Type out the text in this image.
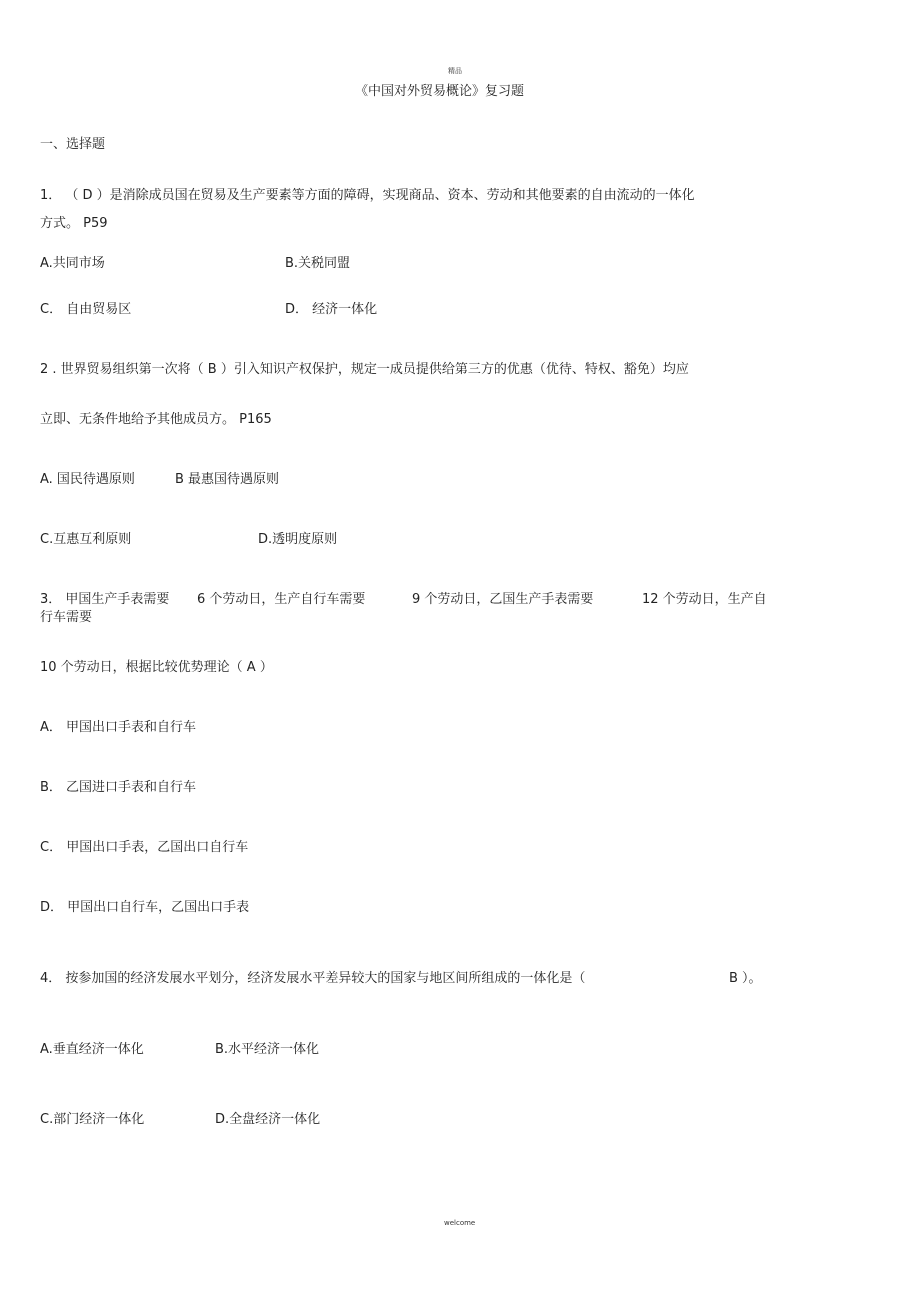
精品
《中国对外贸易概论》复习题
一、选择题
1． （ D ）是消除成员国在贸易及生产要素等方面的障碍，实现商品、资本、劳动和其他要素的自由流动的一体化
方式。 P59
A.共同市场	B.关税同盟
C． 自由贸易区	D． 经济一体化
2 . 世界贸易组织第一次将（ B ）引入知识产权保护，规定一成员提供给第三方的优惠（优待、特权、豁免）均应
立即、无条件地给予其他成员方。 P165
A. 国民待遇原则	B 最惠国待遇原则
C.互惠互利原则	D.透明度原则
3． 甲国生产手表需要 6 个劳动日，生产自行车需要	9 个劳动日，乙国生产手表需要	12 个劳动日，生产自
行车需要
10 个劳动日，根据比较优势理论（ A ）
A． 甲国出口手表和自行车
B． 乙国进口手表和自行车
C． 甲国出口手表，乙国出口自行车
D． 甲国出口自行车，乙国出口手表
4． 按参加国的经济发展水平划分，经济发展水平差异较大的国家与地区间所组成的一体化是（	B ）。
A.垂直经济一体化	B.水平经济一体化
C.部门经济一体化	D.全盘经济一体化
welcome
